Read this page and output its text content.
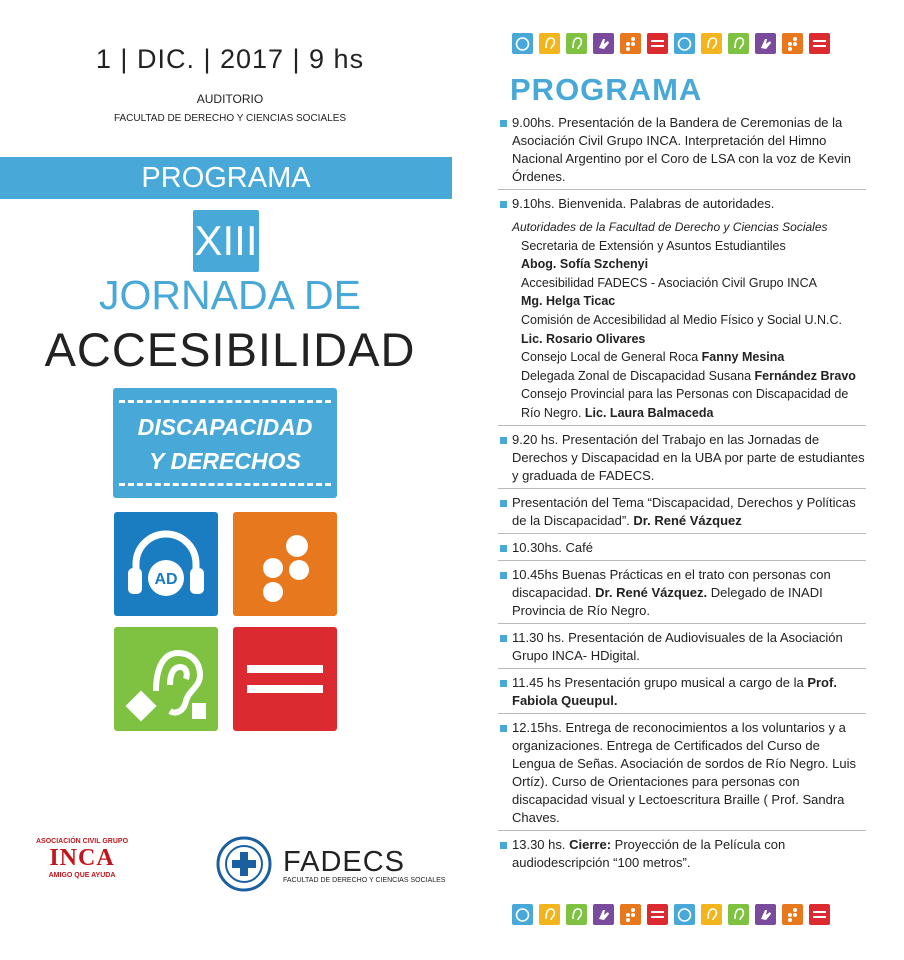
1 | DIC. | 2017 | 9 hs
AUDITORIO
FACULTAD DE DERECHO Y CIENCIAS SOCIALES
PROGRAMA
XIII
JORNADA DE
ACCESIBILIDAD
DISCAPACIDAD
Y DERECHOS
AD
ASOCIACIÓN CIVIL GRUPO
INCA
AMIGO QUE AYUDA	FADECS
FACULTAD DE DERECHO Y CIENCIAS SOCIALES
PROGRAMA
9.00hs. Presentación de la Bandera de Ceremonias de la Asociación Civil Grupo INCA. Interpretación del Himno Nacional Argentino por el Coro de LSA con la voz de Kevin Órdenes.
9.10hs. Bienvenida. Palabras de autoridades.
Autoridades de la Facultad de Derecho y Ciencias Sociales
Secretaria de Extensión y Asuntos Estudiantiles
Abog. Sofía Szchenyi
Accesibilidad FADECS - Asociación Civil Grupo INCA
Mg. Helga Ticac
Comisión de Accesibilidad al Medio Físico y Social U.N.C.
Lic. Rosario Olivares
Consejo Local de General Roca Fanny Mesina
Delegada Zonal de Discapacidad Susana Fernández Bravo
Consejo Provincial para las Personas con Discapacidad de Río Negro. Lic. Laura Balmaceda
9.20 hs. Presentación del Trabajo en las Jornadas de Derechos y Discapacidad en la UBA por parte de estudiantes y graduada de FADECS.
Presentación del Tema “Discapacidad, Derechos y Políticas de la Discapacidad”. Dr. René Vázquez
10.30hs. Café
10.45hs Buenas Prácticas en el trato con personas con discapacidad. Dr. René Vázquez. Delegado de INADI Provincia de Río Negro.
11.30 hs. Presentación de Audiovisuales de la Asociación Grupo INCA- HDigital.
11.45 hs Presentación grupo musical a cargo de la Prof. Fabiola Queupul.
12.15hs. Entrega de reconocimientos a los voluntarios y a organizaciones. Entrega de Certificados del Curso de Lengua de Señas. Asociación de sordos de Río Negro. Luis Ortíz). Curso de Orientaciones para personas con discapacidad visual y Lectoescritura Braille ( Prof. Sandra Chaves.
13.30 hs. Cierre: Proyección de la Película con audiodescripción “100 metros”.
